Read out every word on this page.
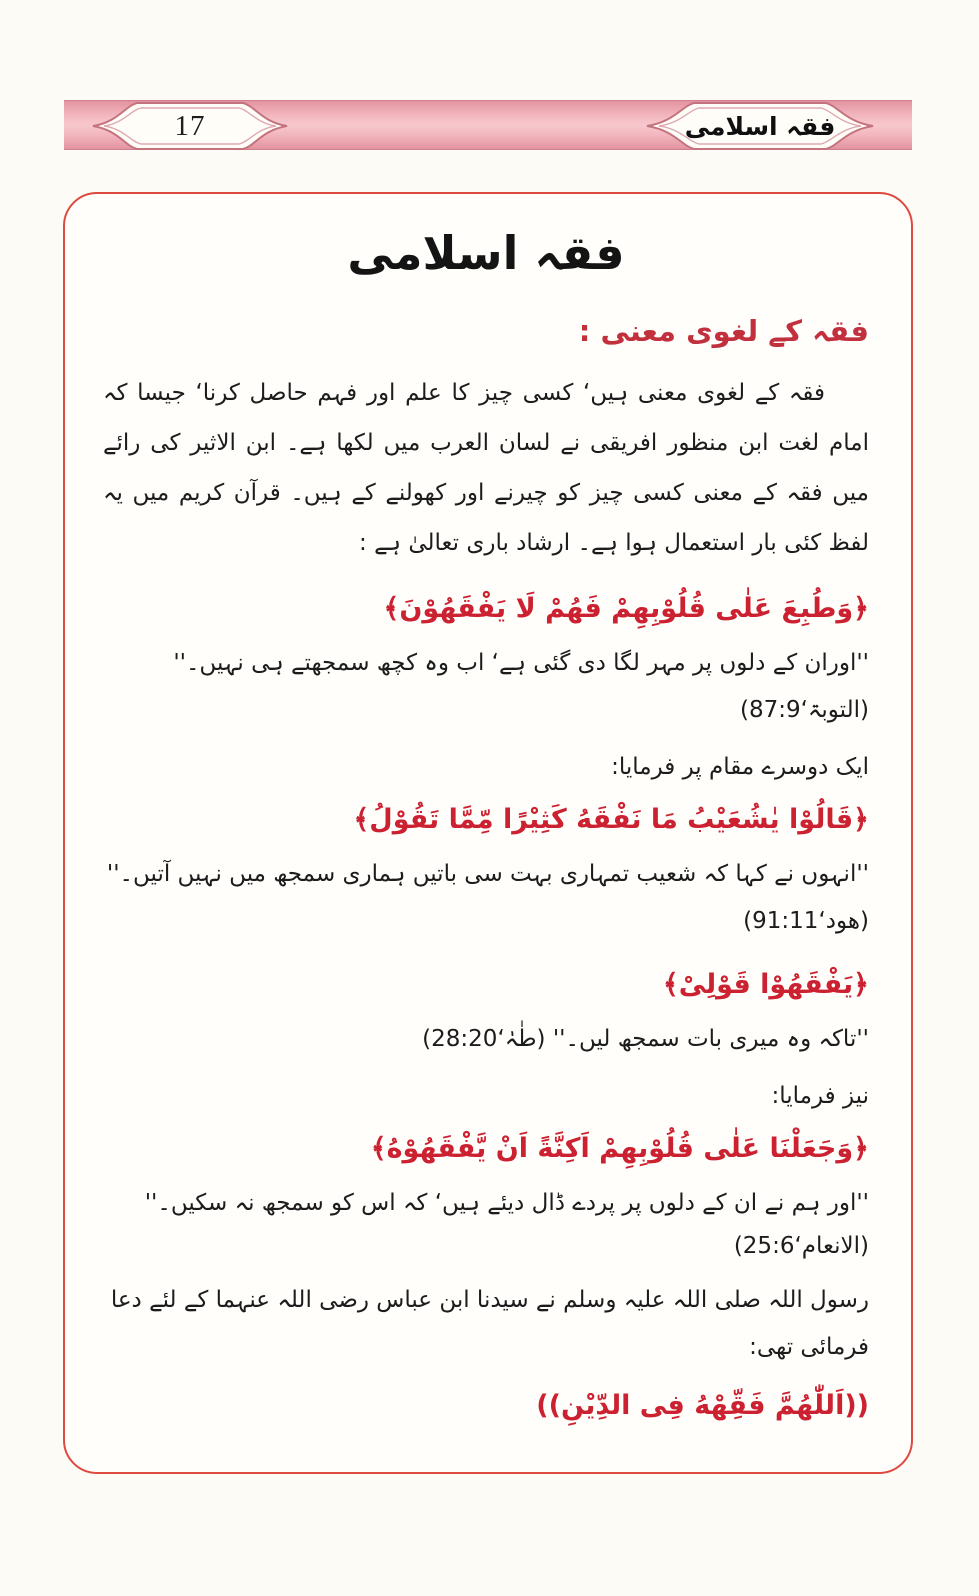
17	فقہ اسلامی
فقہ اسلامی
فقہ کے لغوی معنی :

فقہ کے لغوی معنی ہیں‘ کسی چیز کا علم اور فہم حاصل کرنا‘ جیسا کہ امام لغت ابن منظور افریقی نے لسان العرب میں لکھا ہے۔ ابن الاثیر کی رائے میں فقہ کے معنی کسی چیز کو چیرنے اور کھولنے کے ہیں۔ قرآن کریم میں یہ لفظ کئی بار استعمال ہوا ہے۔ ارشاد باری تعالیٰ ہے :

﴿وَطُبِعَ عَلٰی قُلُوْبِهِمْ فَهُمْ لَا يَفْقَهُوْنَ﴾

''اوران کے دلوں پر مہر لگا دی گئی ہے‘ اب وہ کچھ سمجھتے ہی نہیں۔'' (التوبۃ‘87:9)

ایک دوسرے مقام پر فرمایا:

﴿قَالُوْا يٰشُعَيْبُ مَا نَفْقَهُ كَثِيْرًا مِّمَّا تَقُوْلُ﴾

''انہوں نے کہا کہ شعیب تمہاری بہت سی باتیں ہماری سمجھ میں نہیں آتیں۔'' (ھود‘91:11)

﴿يَفْقَهُوْا قَوْلِیْ﴾

''تاکہ وہ میری بات سمجھ لیں۔'' (طٰہٰ‘28:20)

نیز فرمایا:

﴿وَجَعَلْنَا عَلٰی قُلُوْبِهِمْ اَكِنَّةً اَنْ يَّفْقَهُوْهُ﴾

''اور ہم نے ان کے دلوں پر پردے ڈال دیئے ہیں‘ کہ اس کو سمجھ نہ سکیں۔''

(الانعام‘25:6)

رسول اللہ صلی اللہ علیہ وسلم نے سیدنا ابن عباس رضی اللہ عنہما کے لئے دعا فرمائی تھی:

((اَللّٰهُمَّ فَقِّهْهُ فِی الدِّيْنِ))
